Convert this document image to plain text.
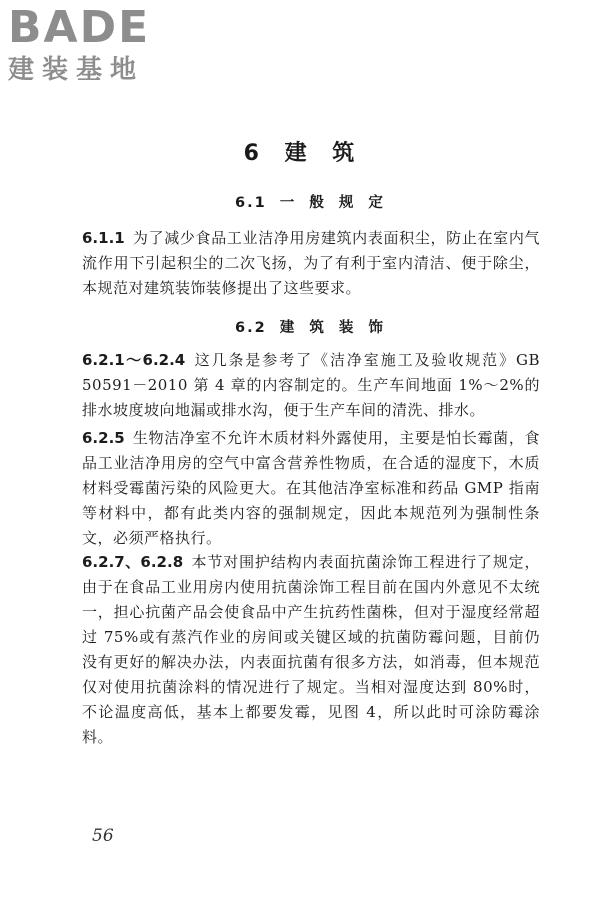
BADE
建装基地
6 建 筑
6.1 一 般 规 定
6.1.1 为了减少食品工业洁净用房建筑内表面积尘，防止在室内气流作用下引起积尘的二次飞扬，为了有利于室内清洁、便于除尘，本规范对建筑装饰装修提出了这些要求。
6.2 建 筑 装 饰
6.2.1～6.2.4 这几条是参考了《洁净室施工及验收规范》GB 50591－2010 第 4 章的内容制定的。生产车间地面 1%～2%的排水坡度坡向地漏或排水沟，便于生产车间的清洗、排水。
6.2.5 生物洁净室不允许木质材料外露使用，主要是怕长霉菌，食品工业洁净用房的空气中富含营养性物质，在合适的湿度下，木质材料受霉菌污染的风险更大。在其他洁净室标准和药品 GMP 指南等材料中，都有此类内容的强制规定，因此本规范列为强制性条文，必须严格执行。
6.2.7、6.2.8 本节对围护结构内表面抗菌涂饰工程进行了规定，由于在食品工业用房内使用抗菌涂饰工程目前在国内外意见不太统一，担心抗菌产品会使食品中产生抗药性菌株，但对于湿度经常超过 75%或有蒸汽作业的房间或关键区域的抗菌防霉问题，目前仍没有更好的解决办法，内表面抗菌有很多方法，如消毒，但本规范仅对使用抗菌涂料的情况进行了规定。当相对湿度达到 80%时，不论温度高低，基本上都要发霉，见图 4，所以此时可涂防霉涂料。
56
